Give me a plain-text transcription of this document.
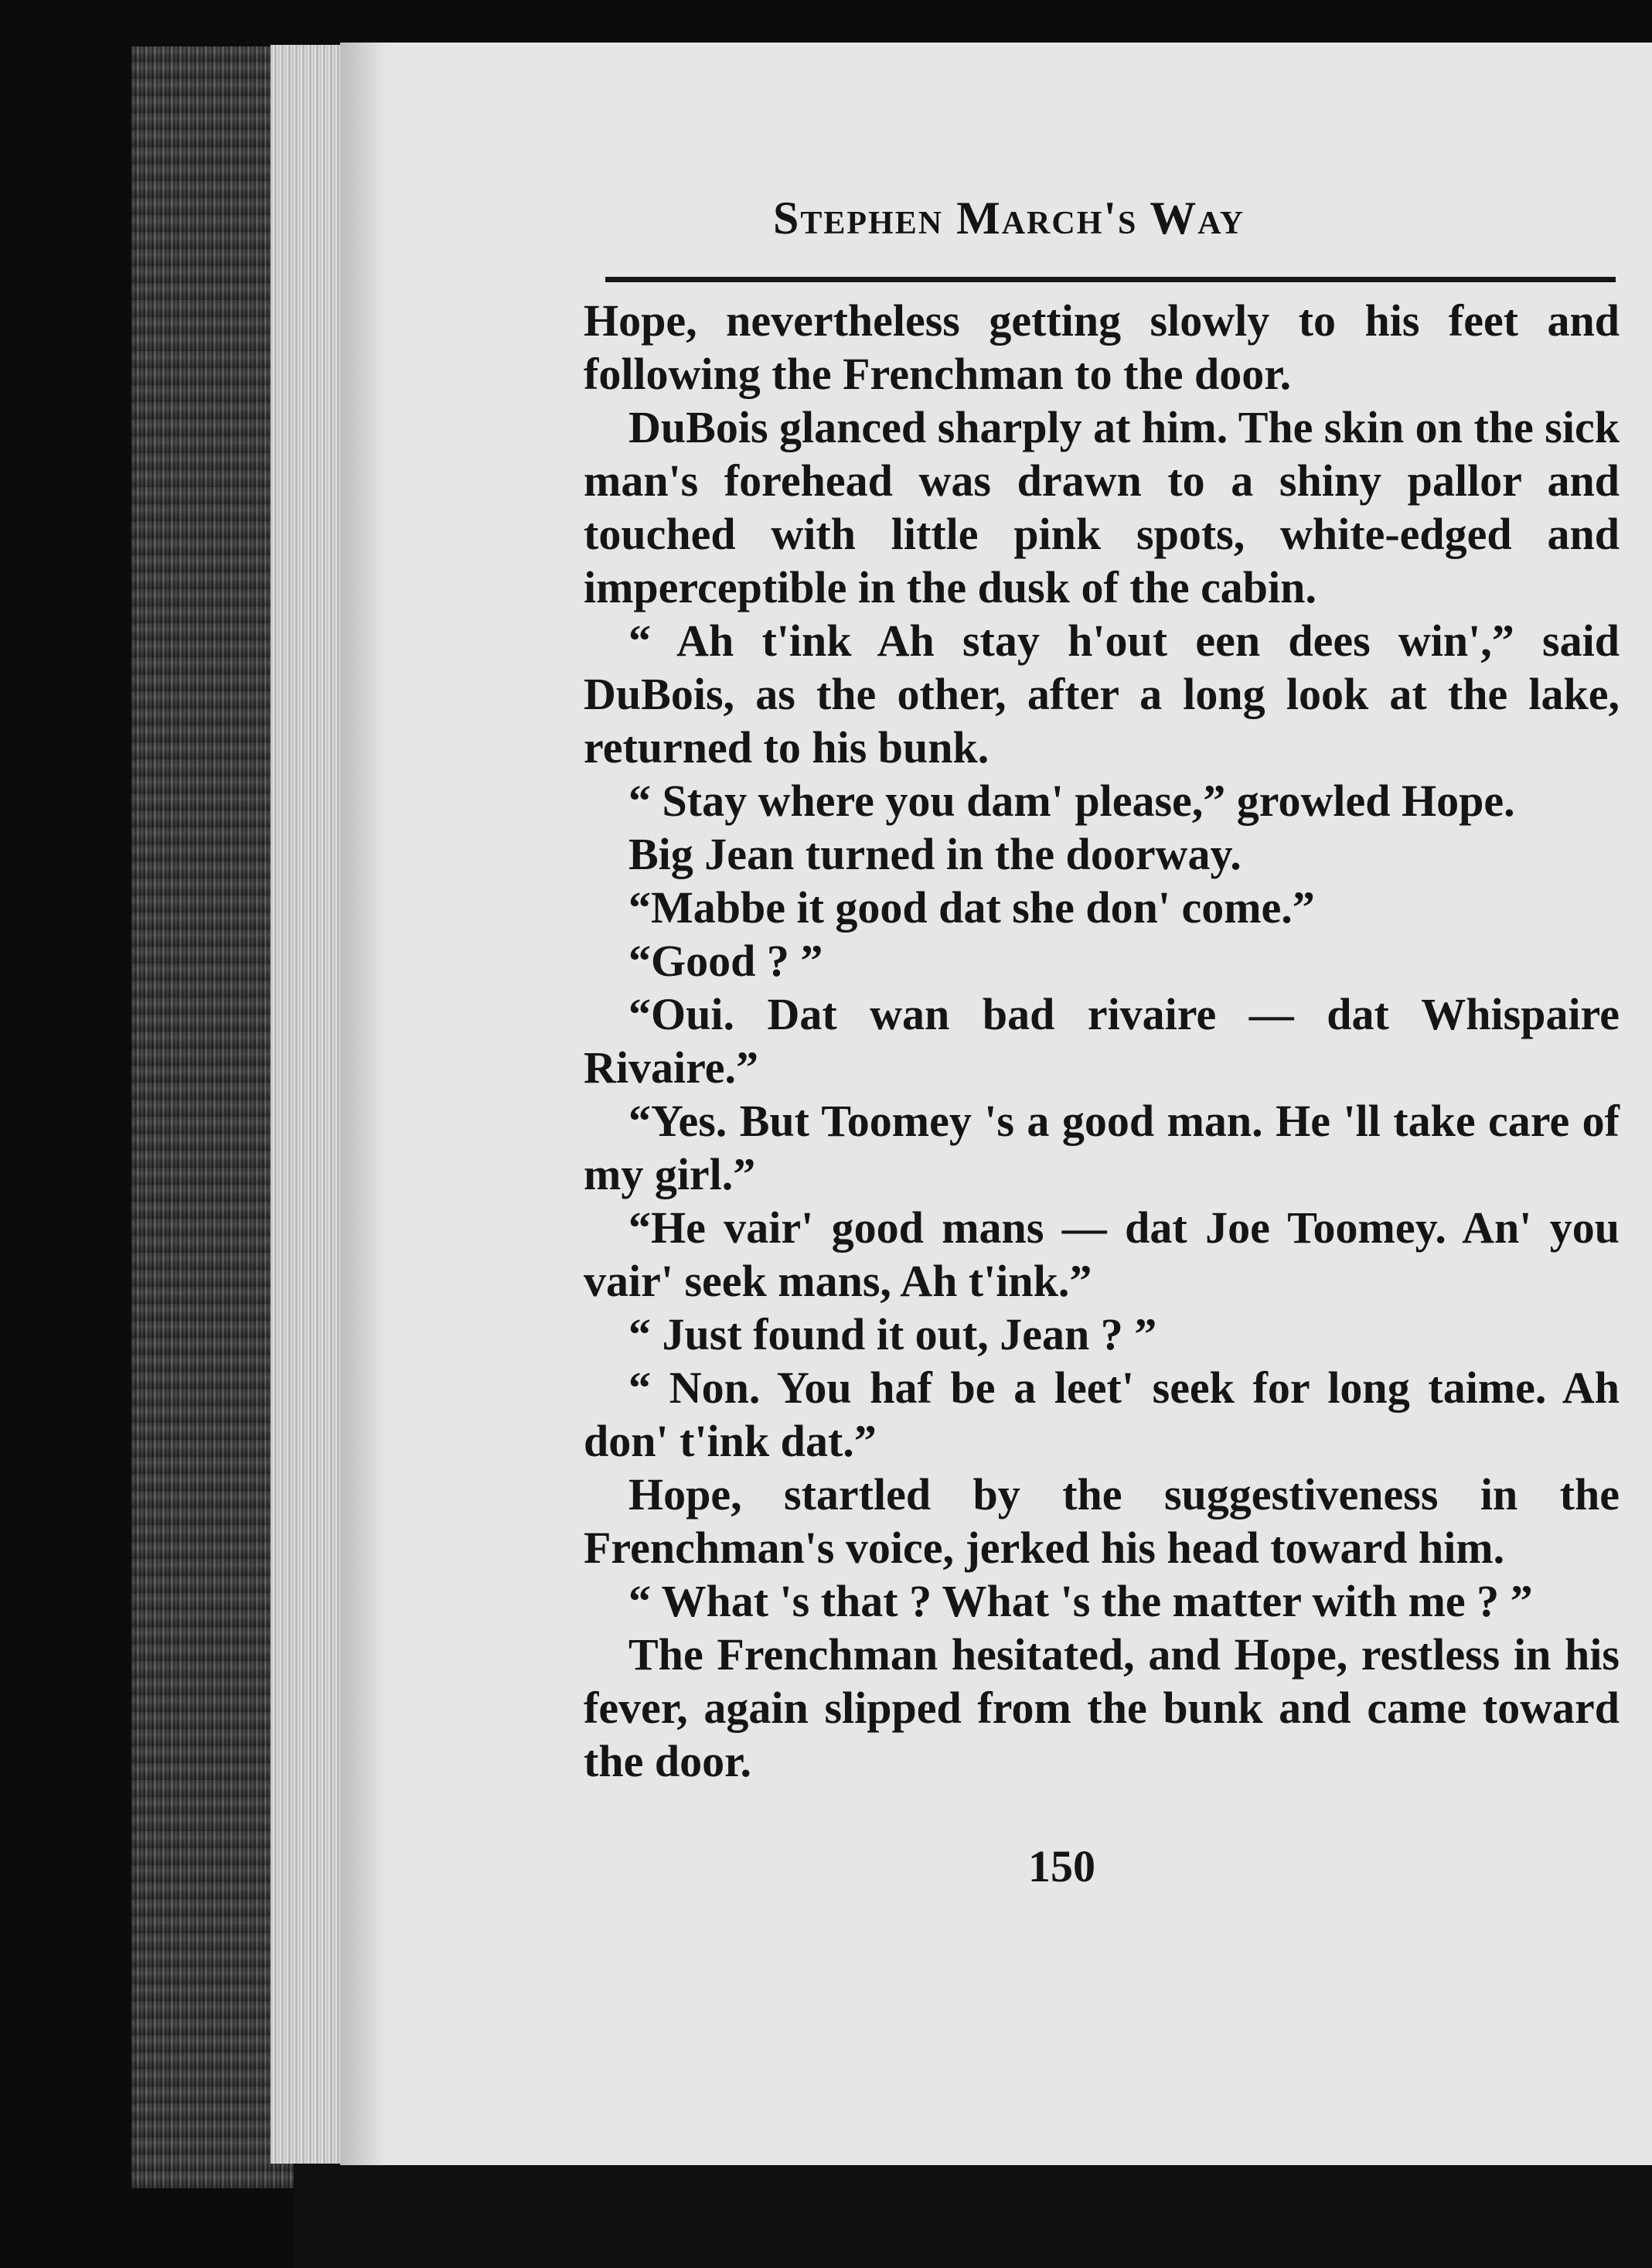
Stephen March's Way

Hope, nevertheless getting slowly to his feet and following the Frenchman to the door.

DuBois glanced sharply at him. The skin on the sick man's forehead was drawn to a shiny pallor and touched with little pink spots, white-edged and imperceptible in the dusk of the cabin.

“ Ah t'ink Ah stay h'out een dees win',” said DuBois, as the other, after a long look at the lake, returned to his bunk.

“ Stay where you dam' please,” growled Hope.

Big Jean turned in the doorway.

“Mabbe it good dat she don' come.”

“Good ? ”

“Oui. Dat wan bad rivaire — dat Whispaire Rivaire.”

“Yes. But Toomey 's a good man. He 'll take care of my girl.”

“He vair' good mans — dat Joe Toomey. An' you vair' seek mans, Ah t'ink.”

“ Just found it out, Jean ? ”

“ Non. You haf be a leet' seek for long taime. Ah don' t'ink dat.”

Hope, startled by the suggestiveness in the Frenchman's voice, jerked his head toward him.

“ What 's that ? What 's the matter with me ? ”

The Frenchman hesitated, and Hope, restless in his fever, again slipped from the bunk and came toward the door.

150
